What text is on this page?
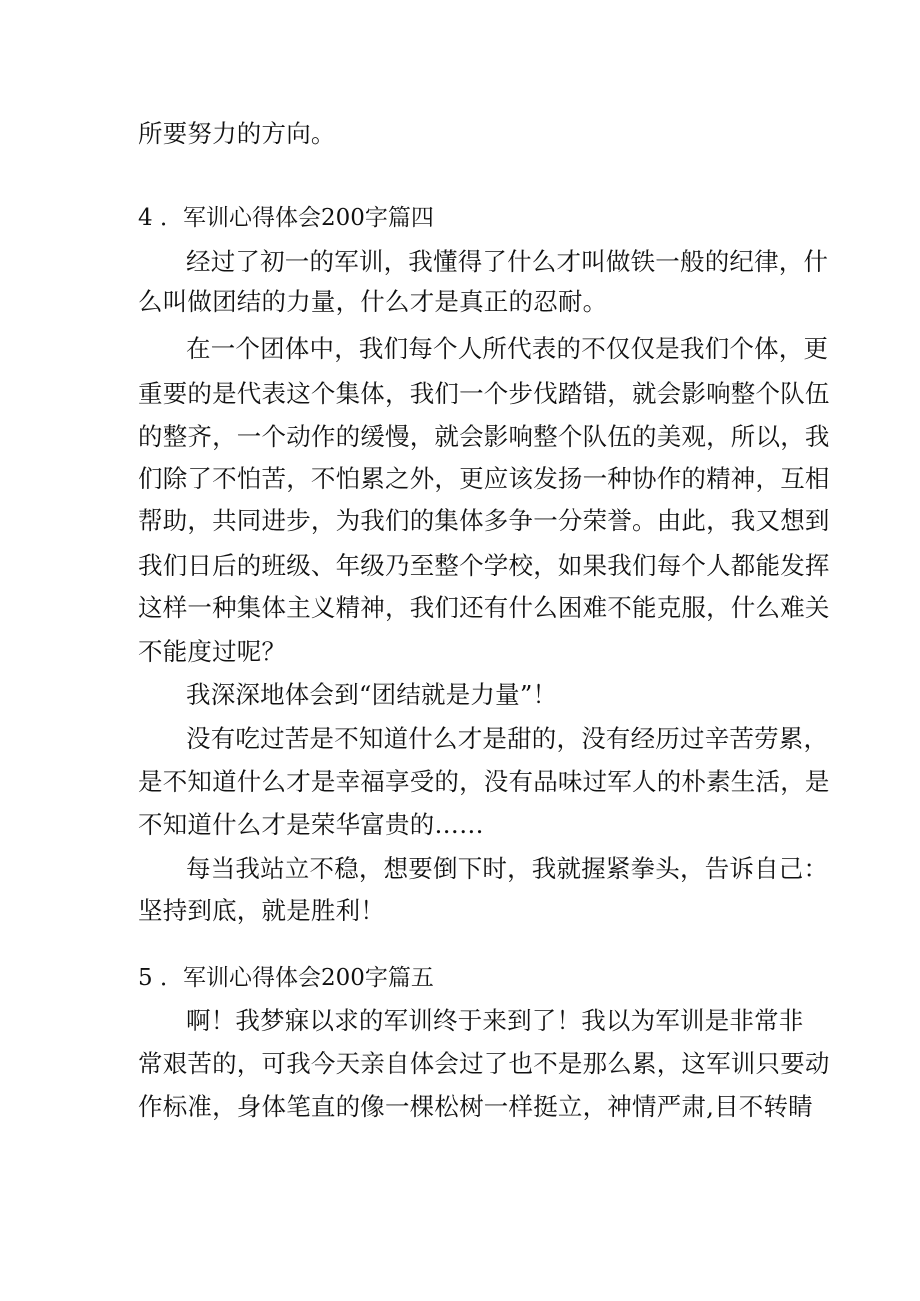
所要努力的方向。
4 ．军训心得体会200字篇四
经过了初一的军训，我懂得了什么才叫做铁一般的纪律，什
么叫做团结的力量，什么才是真正的忍耐。
在一个团体中，我们每个人所代表的不仅仅是我们个体，更
重要的是代表这个集体，我们一个步伐踏错，就会影响整个队伍
的整齐，一个动作的缓慢，就会影响整个队伍的美观，所以，我
们除了不怕苦，不怕累之外，更应该发扬一种协作的精神，互相
帮助，共同进步，为我们的集体多争一分荣誉。由此，我又想到
我们日后的班级、年级乃至整个学校，如果我们每个人都能发挥
这样一种集体主义精神，我们还有什么困难不能克服，什么难关
不能度过呢？
我深深地体会到“团结就是力量”！
没有吃过苦是不知道什么才是甜的，没有经历过辛苦劳累，
是不知道什么才是幸福享受的，没有品味过军人的朴素生活，是
不知道什么才是荣华富贵的……
每当我站立不稳，想要倒下时，我就握紧拳头，告诉自己：
坚持到底，就是胜利！
5 ．军训心得体会200字篇五
啊！我梦寐以求的军训终于来到了！我以为军训是非常非
常艰苦的，可我今天亲自体会过了也不是那么累，这军训只要动
作标准，身体笔直的像一棵松树一样挺立，神情严肃,目不转睛
